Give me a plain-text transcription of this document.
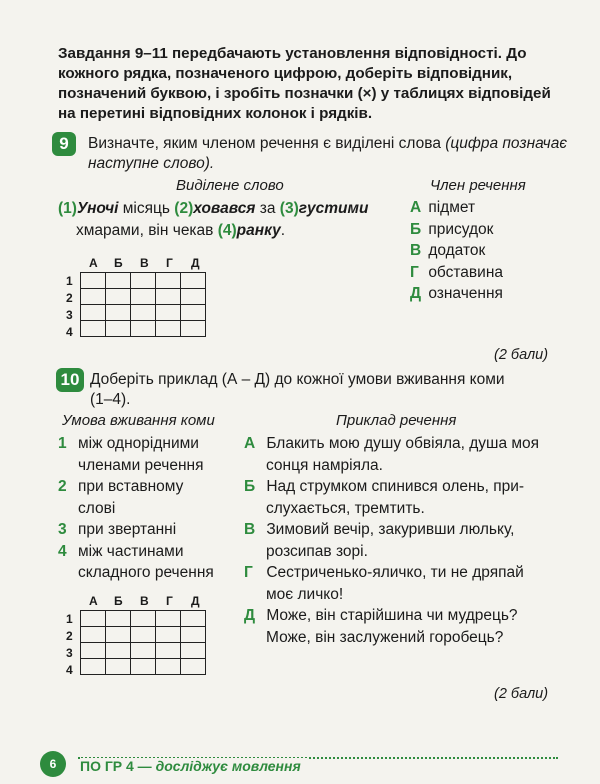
Завдання 9–11 передбачають установлення відповідності. До кожного рядка, позначеного цифрою, доберіть відповідник, позначений буквою, і зробіть позначки (×) у таблицях відповідей на перетині відповідних колонок і рядків.
9	Визначте, яким членом речення є виділені слова (цифра позначає наступне слово).
Виділене слово	Член речення
(1)Уночі місяць (2)ховався за (3)густими
хмарами, він чекав (4)ранку.
А підмет
Б присудок
В додаток
Г обставина
Д означення
А Б В Г Д
1
2
3
4

(2 бали)
10 Доберіть приклад (А – Д) до кожної умови вживання коми
(1–4).
Умова вживання коми	Приклад речення
1 між однорідними
членами речення
2 при вставному
слові
3 при звертанні
4 між частинами
складного речення
А Блакить мою душу обвіяла, душа моя
сонця намріяла.
Б Над струмком спинився олень, при-
слухається, тремтить.
В Зимовий вечір, закуривши люльку,
розсипав зорі.
Г Сестриченько-яличко, ти не дряпай
моє личко!
Д Може, він старійшина чи мудрець?
Може, він заслужений горобець?
А Б В Г Д
1
2
3
4

(2 бали)
6	ПО ГР 4 — досліджує мовлення
